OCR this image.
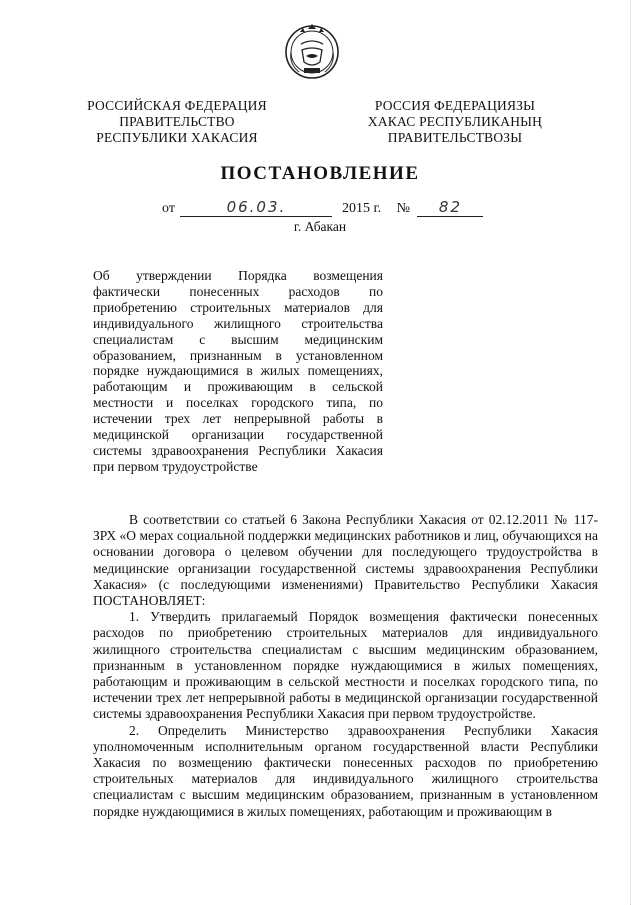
РОССИЙСКАЯ ФЕДЕРАЦИЯ
ПРАВИТЕЛЬСТВО
РЕСПУБЛИКИ ХАКАСИЯ
РОССИЯ ФЕДЕРАЦИЯЗЫ
ХАКАС РЕСПУБЛИКАНЫҢ
ПРАВИТЕЛЬСТВОЗЫ
ПОСТАНОВЛЕНИЕ
от	06.03.	2015 г. №	82
г. Абакан
Об утверждении Порядка возмещения фактически понесенных расходов по приобретению строительных материалов для индивидуального жилищного строительства специалистам с высшим медицинским образованием, признанным в установленном порядке нуждающимися в жилых помещениях, работающим и проживающим в сельской местности и поселках городского типа, по истечении трех лет непрерывной работы в медицинской организации государственной системы здравоохранения Республики Хакасия при первом трудоустройстве

В соответствии со статьей 6 Закона Республики Хакасия от 02.12.2011 № 117-ЗРХ «О мерах социальной поддержки медицинских работников и лиц, обучающихся на основании договора о целевом обучении для последующего трудоустройства в медицинские организации государственной системы здравоохранения Республики Хакасия» (с последующими изменениями) Правительство Республики Хакасия ПОСТАНОВЛЯЕТ:

1. Утвердить прилагаемый Порядок возмещения фактически понесенных расходов по приобретению строительных материалов для индивидуального жилищного строительства специалистам с высшим медицинским образованием, признанным в установленном порядке нуждающимися в жилых помещениях, работающим и проживающим в сельской местности и поселках городского типа, по истечении трех лет непрерывной работы в медицинской организации государственной системы здравоохранения Республики Хакасия при первом трудоустройстве.

2. Определить Министерство здравоохранения Республики Хакасия уполномоченным исполнительным органом государственной власти Республики Хакасия по возмещению фактически понесенных расходов по приобретению строительных материалов для индивидуального жилищного строительства специалистам с высшим медицинским образованием, признанным в установленном порядке нуждающимися в жилых помещениях, работающим и проживающим в
